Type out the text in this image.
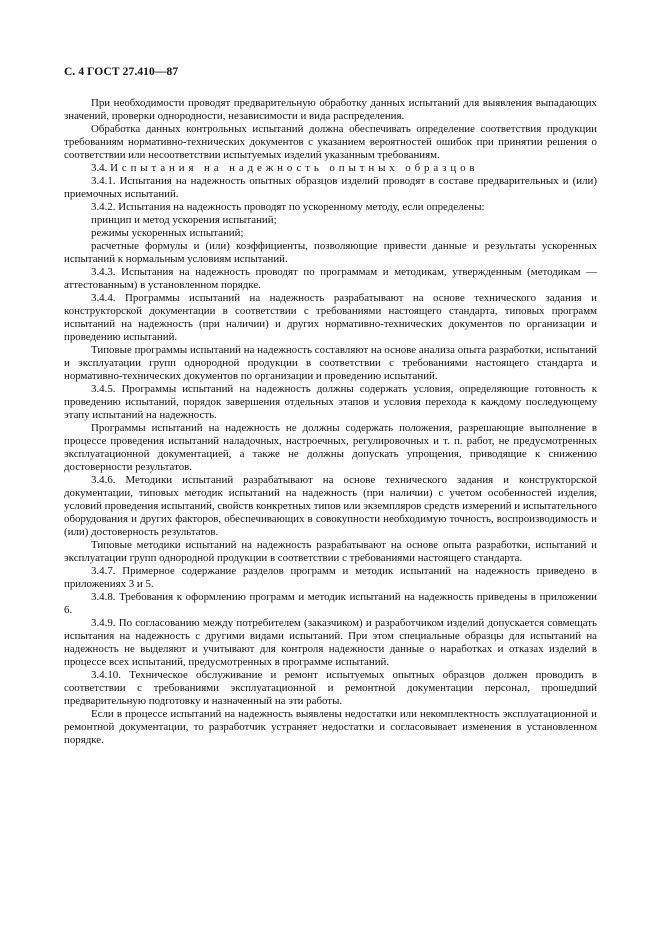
С. 4 ГОСТ 27.410—87

При необходимости проводят предварительную обработку данных испытаний для выявления выпадающих значений, проверки однородности, независимости и вида распределения.

Обработка данных контрольных испытаний должна обеспечивать определение соответствия продукции требованиям нормативно-технических документов с указанием вероятностей ошибок при принятии решения о соответствии или несоответствии испытуемых изделий указанным требованиям.

3.4. Испытания на надежность опытных образцов

3.4.1. Испытания на надежность опытных образцов изделий проводят в составе предварительных и (или) приемочных испытаний.

3.4.2. Испытания на надежность проводят по ускоренному методу, если определены:

принцип и метод ускорения испытаний;

режимы ускоренных испытаний;

расчетные формулы и (или) коэффициенты, позволяющие привести данные и результаты ускоренных испытаний к нормальным условиям испытаний.

3.4.3. Испытания на надежность проводят по программам и методикам, утвержденным (методикам — аттестованным) в установленном порядке.

3.4.4. Программы испытаний на надежность разрабатывают на основе технического задания и конструкторской документации в соответствии с требованиями настоящего стандарта, типовых программ испытаний на надежность (при наличии) и других нормативно-технических документов по организации и проведению испытаний.

Типовые программы испытаний на надежность составляют на основе анализа опыта разработки, испытаний и эксплуатации групп однородной продукции в соответствии с требованиями настоящего стандарта и нормативно-технических документов по организации и проведению испытаний.

3.4.5. Программы испытаний на надежность должны содержать условия, определяющие готовность к проведению испытаний, порядок завершения отдельных этапов и условия перехода к каждому последующему этапу испытаний на надежность.

Программы испытаний на надежность не должны содержать положения, разрешающие выполнение в процессе проведения испытаний наладочных, настроечных, регулировочных и т. п. работ, не предусмотренных эксплуатационной документацией, а также не должны допускать упрощения, приводящие к снижению достоверности результатов.

3.4.6. Методики испытаний разрабатывают на основе технического задания и конструкторской документации, типовых методик испытаний на надежность (при наличии) с учетом особенностей изделия, условий проведения испытаний, свойств конкретных типов или экземпляров средств измерений и испытательного оборудования и других факторов, обеспечивающих в совокупности необходимую точность, воспроизводимость и (или) достоверность результатов.

Типовые методики испытаний на надежность разрабатывают на основе опыта разработки, испытаний и эксплуатации групп однородной продукции в соответствии с требованиями настоящего стандарта.

3.4.7. Примерное содержание разделов программ и методик испытаний на надежность приведено в приложениях 3 и 5.

3.4.8. Требования к оформлению программ и методик испытаний на надежность приведены в приложении 6.

3.4.9. По согласованию между потребителем (заказчиком) и разработчиком изделий допускается совмещать испытания на надежность с другими видами испытаний. При этом специальные образцы для испытаний на надежность не выделяют и учитывают для контроля надежности данные о наработках и отказах изделий в процессе всех испытаний, предусмотренных в программе испытаний.

3.4.10. Техническое обслуживание и ремонт испытуемых опытных образцов должен проводить в соответствии с требованиями эксплуатационной и ремонтной документации персонал, прошедший предварительную подготовку и назначенный на эти работы.

Если в процессе испытаний на надежность выявлены недостатки или некомплектность эксплуатационной и ремонтной документации, то разработчик устраняет недостатки и согласовывает изменения в установленном порядке.
